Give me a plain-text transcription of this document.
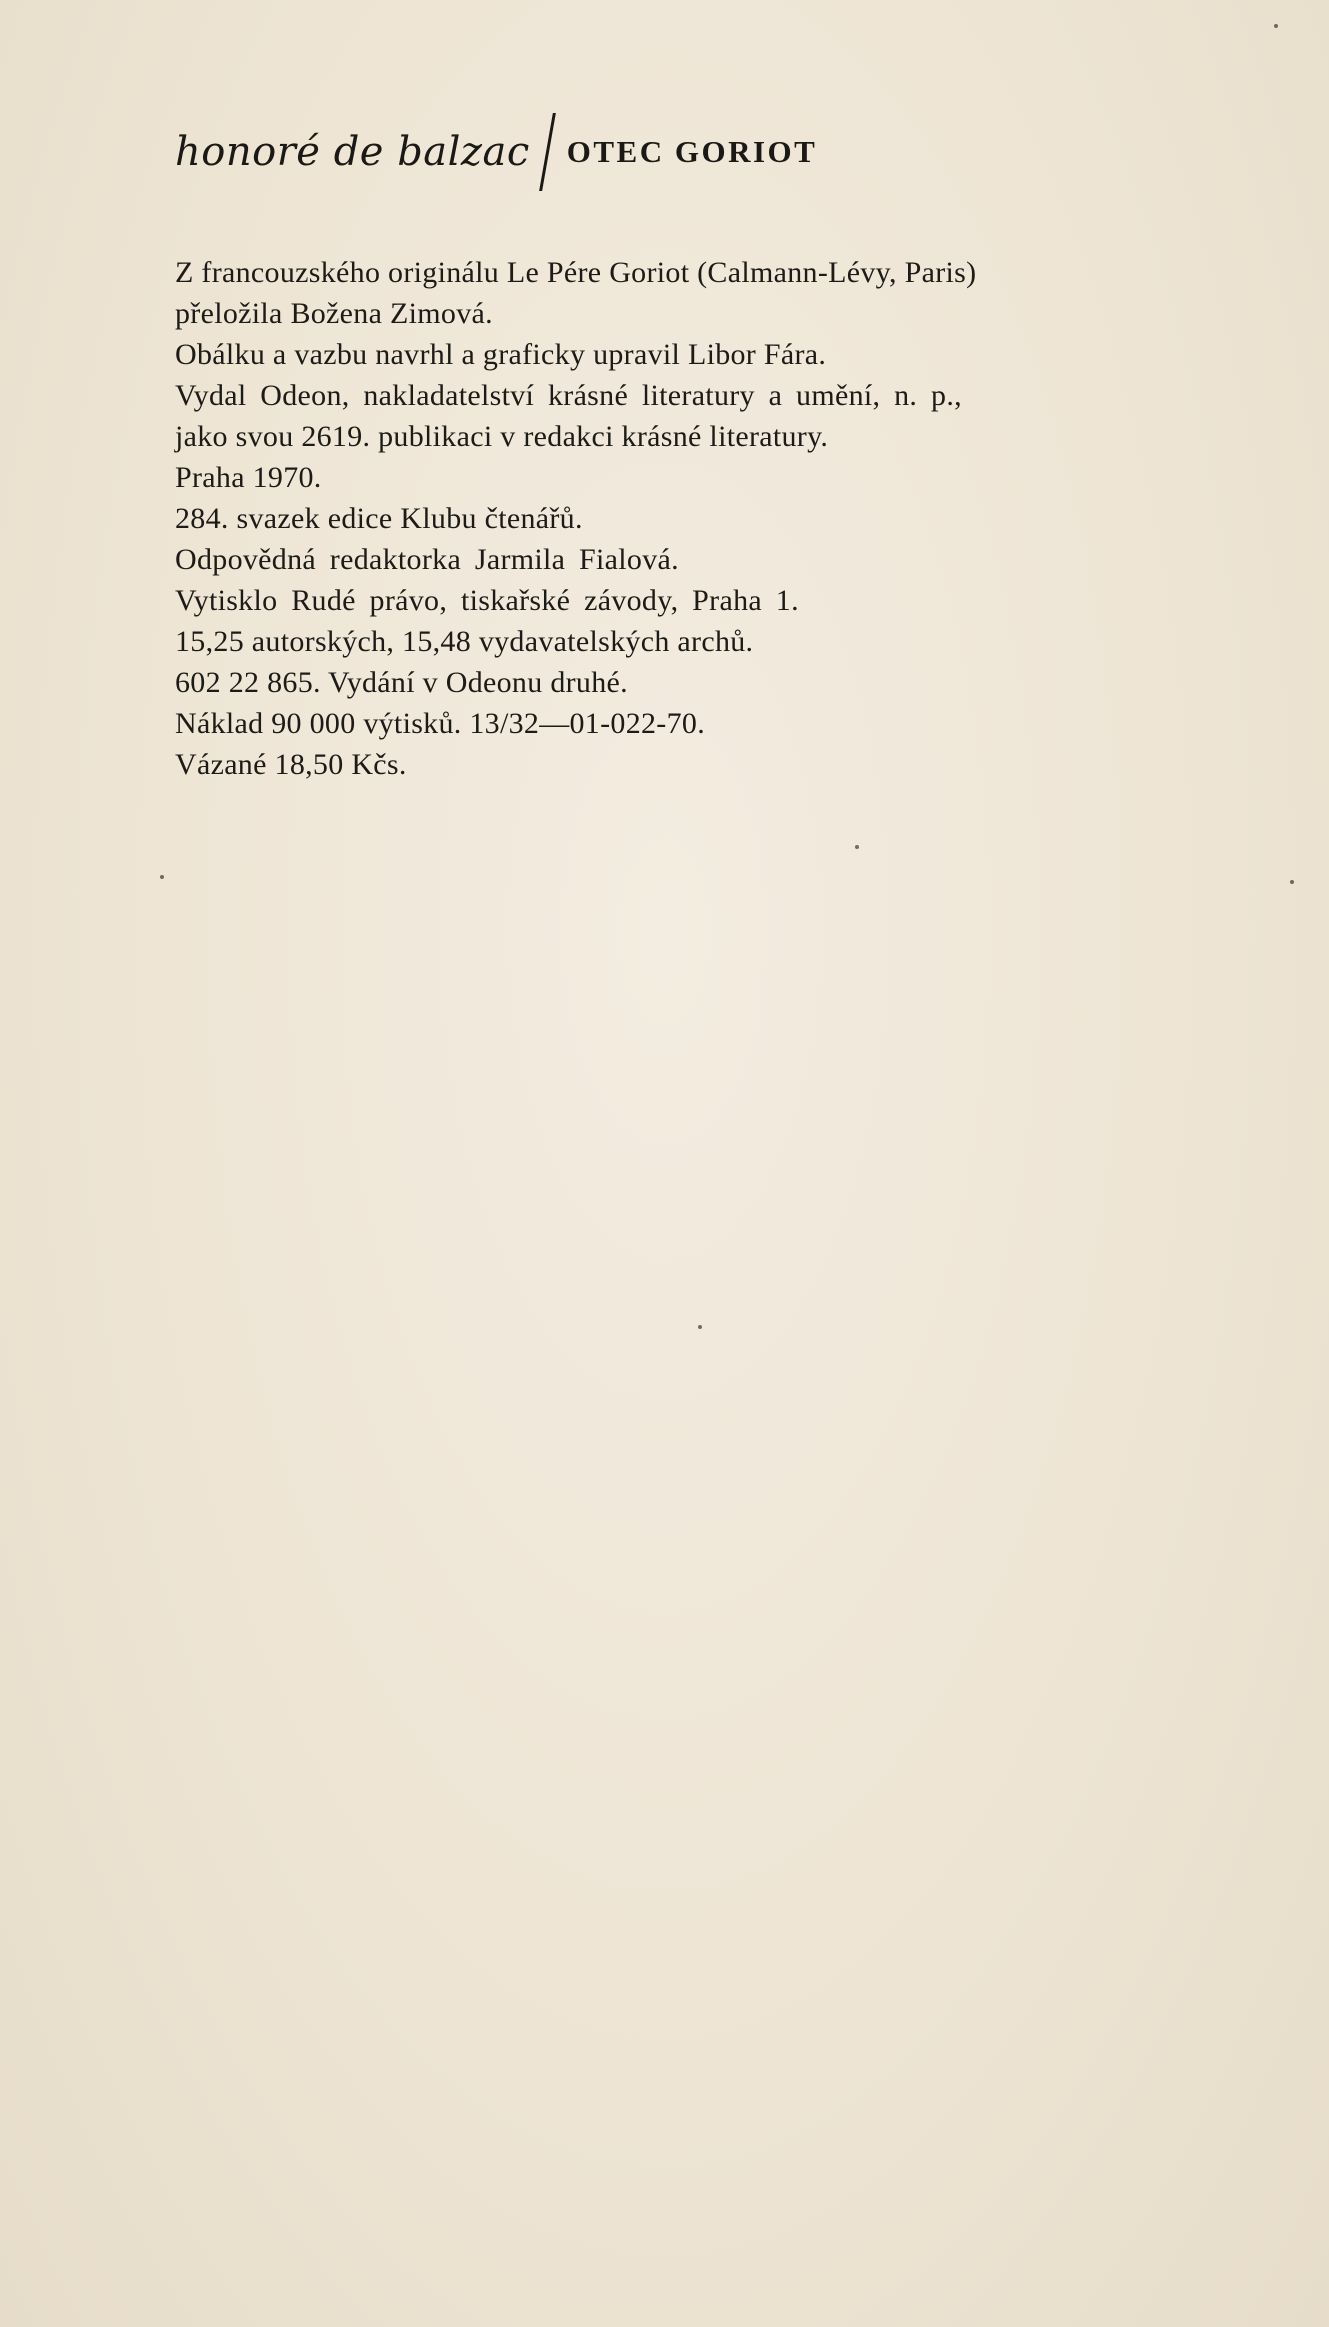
honoré de balzac OTEC GORIOT
Z francouzského originálu Le Pére Goriot (Calmann-Lévy, Paris)
přeložila Božena Zimová.
Obálku a vazbu navrhl a graficky upravil Libor Fára.
Vydal Odeon, nakladatelství krásné literatury a umění, n. p.,
jako svou 2619. publikaci v redakci krásné literatury.
Praha 1970.
284. svazek edice Klubu čtenářů.
Odpovědná redaktorka Jarmila Fialová.
Vytisklo Rudé právo, tiskařské závody, Praha 1.
15,25 autorských, 15,48 vydavatelských archů.
602 22 865. Vydání v Odeonu druhé.
Náklad 90 000 výtisků. 13/32—01-022-70.
Vázané 18,50 Kčs.
